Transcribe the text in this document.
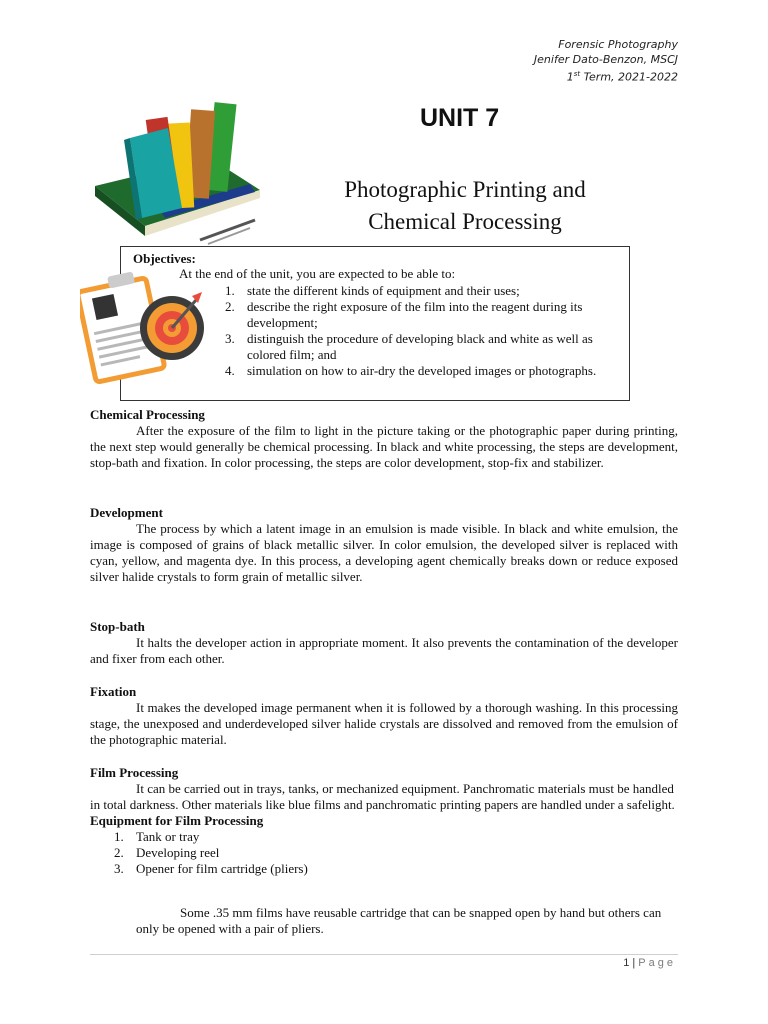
Forensic Photography
Jenifer Dato-Benzon, MSCJ
1st Term, 2021-2022
UNIT 7
Photographic Printing and
Chemical Processing
Objectives:
At the end of the unit, you are expected to be able to:
1. state the different kinds of equipment and their uses;
2. describe the right exposure of the film into the reagent during its development;
3. distinguish the procedure of developing black and white as well as colored film; and
4. simulation on how to air-dry the developed images or photographs.
Chemical Processing

After the exposure of the film to light in the picture taking or the photographic paper during printing, the next step would generally be chemical processing. In black and white processing, the steps are development, stop-bath and fixation. In color processing, the steps are color development, stop-fix and stabilizer.

Development

The process by which a latent image in an emulsion is made visible. In black and white emulsion, the image is composed of grains of black metallic silver. In color emulsion, the developed silver is replaced with cyan, yellow, and magenta dye. In this process, a developing agent chemically breaks down or reduce exposed silver halide crystals to form grain of metallic silver.

Stop-bath

It halts the developer action in appropriate moment. It also prevents the contamination of the developer and fixer from each other.

Fixation

It makes the developed image permanent when it is followed by a thorough washing. In this processing stage, the unexposed and underdeveloped silver halide crystals are dissolved and removed from the emulsion of the photographic material.

Film Processing

It can be carried out in trays, tanks, or mechanized equipment. Panchromatic materials must be handled in total darkness. Other materials like blue films and panchromatic printing papers are handled under a safelight.

Equipment for Film Processing
1. Tank or tray
2. Developing reel
3. Opener for film cartridge (pliers)

Some .35 mm films have reusable cartridge that can be snapped open by hand but others can only be opened with a pair of pliers.

1 | Page
